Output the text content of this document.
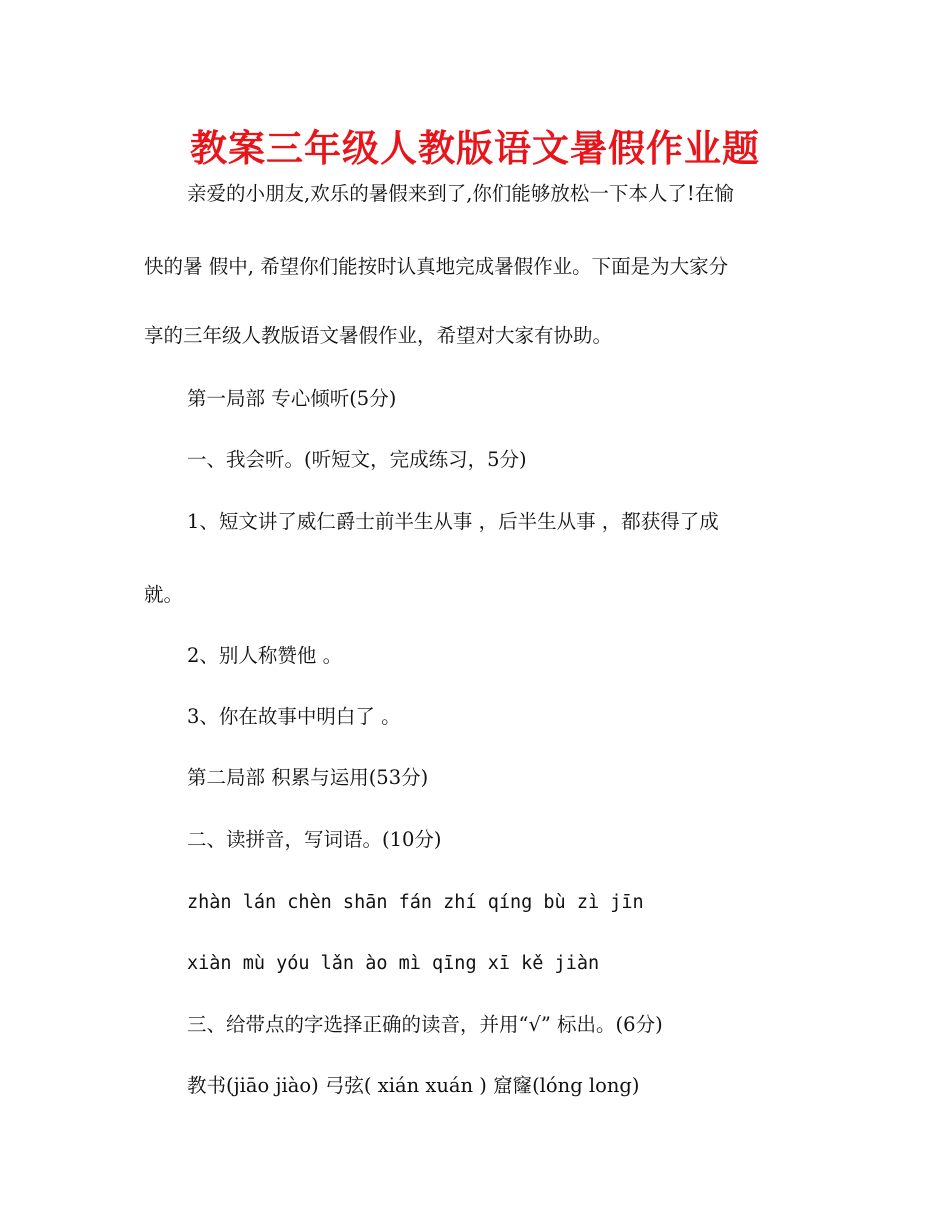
教案三年级人教版语文暑假作业题
亲爱的小朋友,欢乐的暑假来到了,你们能够放松一下本人了!在愉
快的暑 假中, 希望你们能按时认真地完成暑假作业。下面是为大家分
享的三年级人教版语文暑假作业，希望对大家有协助。
第一局部 专心倾听(5分)
一、我会听。(听短文，完成练习，5分)
1、短文讲了威仁爵士前半生从事 ，后半生从事 ，都获得了成
就。
2、别人称赞他 。
3、你在故事中明白了 。
第二局部 积累与运用(53分)
二、读拼音，写词语。(10分)
zhàn lán chèn shān fán zhí qíng bù zì jīn
xiàn mù yóu lǎn ào mì qīng xī kě jiàn
三、给带点的字选择正确的读音，并用“√” 标出。(6分)
教书(jiāo jiào) 弓弦( xián xuán ) 窟窿(lóng long)
